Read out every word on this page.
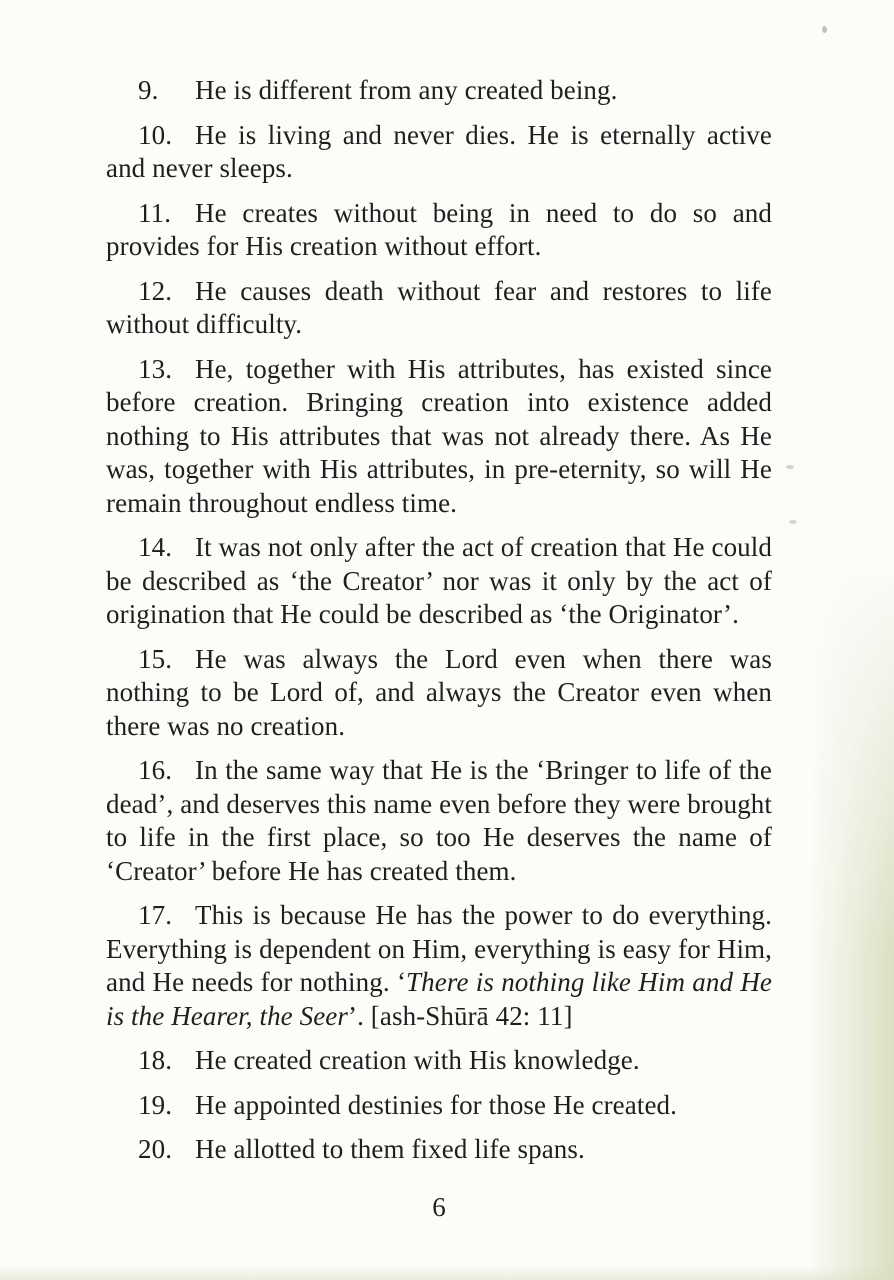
9. He is different from any created being.

10. He is living and never dies. He is eternally active and never sleeps.

11. He creates without being in need to do so and provides for His creation without effort.

12. He causes death without fear and restores to life without difficulty.

13. He, together with His attributes, has existed since before creation. Bringing creation into existence added nothing to His attributes that was not already there. As He was, together with His attributes, in pre-eternity, so will He remain throughout endless time.

14. It was not only after the act of creation that He could be described as ‘the Creator’ nor was it only by the act of origination that He could be described as ‘the Originator’.

15. He was always the Lord even when there was nothing to be Lord of, and always the Creator even when there was no creation.

16. In the same way that He is the ‘Bringer to life of the dead’, and deserves this name even before they were brought to life in the first place, so too He deserves the name of ‘Creator’ before He has created them.

17. This is because He has the power to do everything. Everything is dependent on Him, everything is easy for Him, and He needs for nothing. ‘There is nothing like Him and He is the Hearer, the Seer’. [ash-Shūrā 42: 11]

18. He created creation with His knowledge.

19. He appointed destinies for those He created.

20. He allotted to them fixed life spans.

6
